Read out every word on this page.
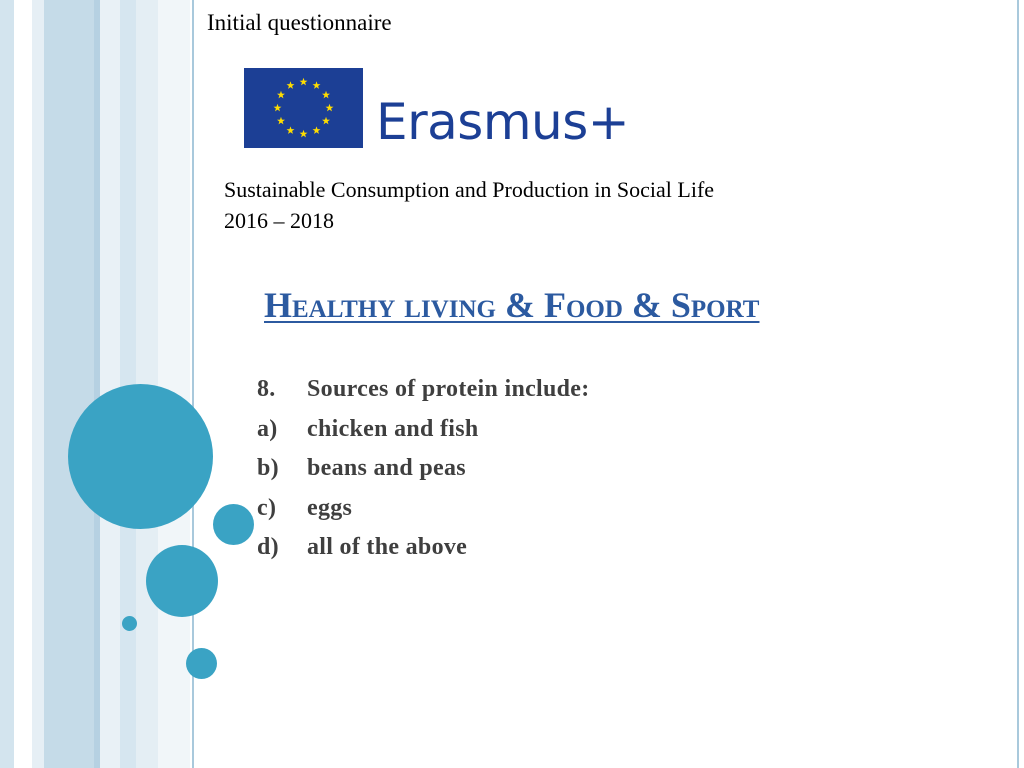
Initial questionnaire
Erasmus+
Sustainable Consumption and Production in Social Life
2016 – 2018
Healthy living & Food & Sport
8. Sources of protein include:
a) chicken and fish
b) beans and peas
c) eggs
d) all of the above
